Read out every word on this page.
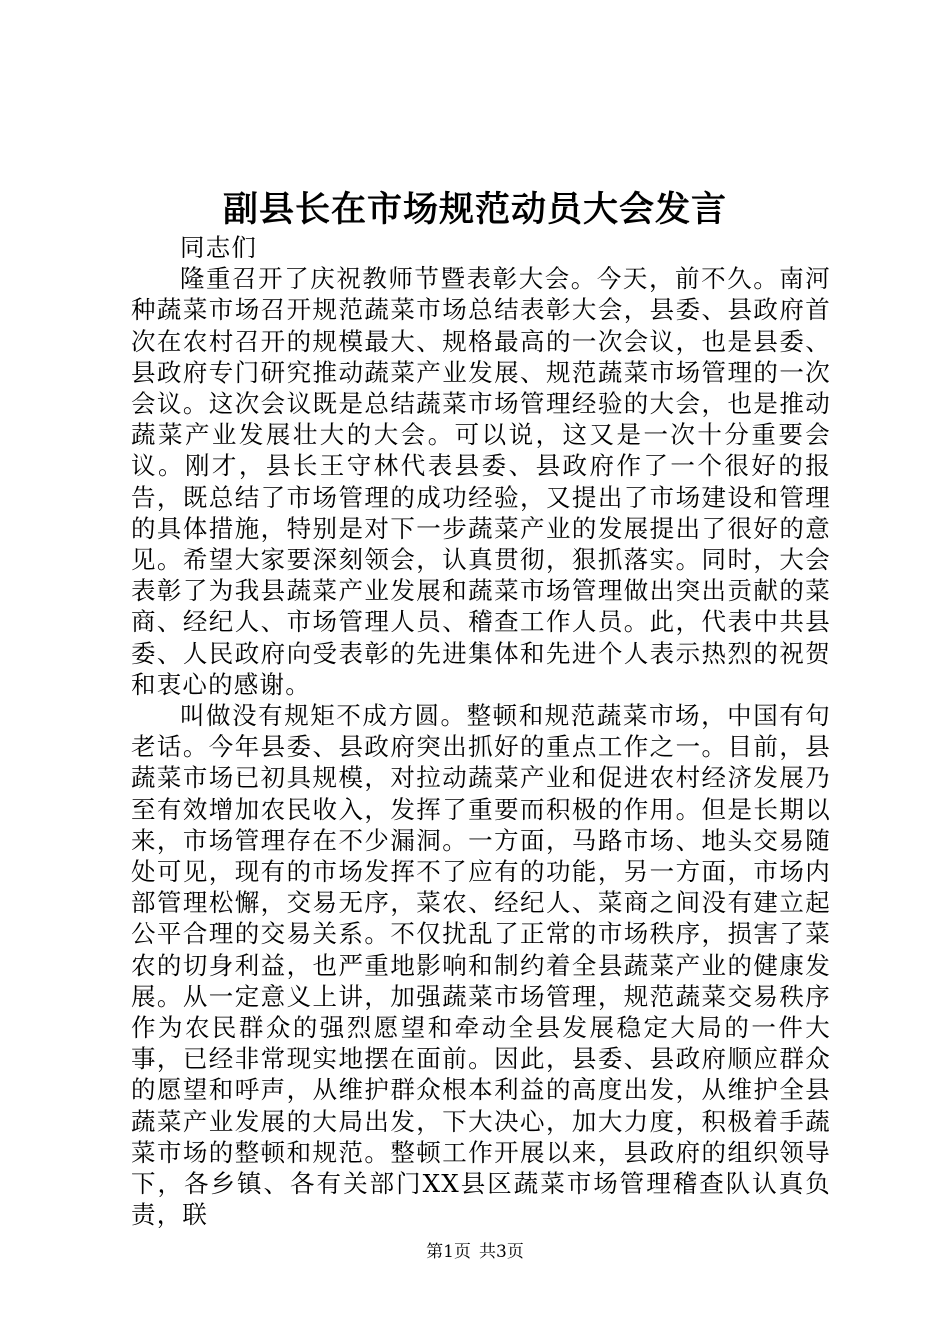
副县长在市场规范动员大会发言

同志们

隆重召开了庆祝教师节暨表彰大会。今天，前不久。南河种蔬菜市场召开规范蔬菜市场总结表彰大会，县委、县政府首次在农村召开的规模最大、规格最高的一次会议，也是县委、县政府专门研究推动蔬菜产业发展、规范蔬菜市场管理的一次会议。这次会议既是总结蔬菜市场管理经验的大会，也是推动蔬菜产业发展壮大的大会。可以说，这又是一次十分重要会议。刚才，县长王守林代表县委、县政府作了一个很好的报告，既总结了市场管理的成功经验，又提出了市场建设和管理的具体措施，特别是对下一步蔬菜产业的发展提出了很好的意见。希望大家要深刻领会，认真贯彻，狠抓落实。同时，大会表彰了为我县蔬菜产业发展和蔬菜市场管理做出突出贡献的菜商、经纪人、市场管理人员、稽查工作人员。此，代表中共县委、人民政府向受表彰的先进集体和先进个人表示热烈的祝贺和衷心的感谢。

叫做没有规矩不成方圆。整顿和规范蔬菜市场，中国有句老话。今年县委、县政府突出抓好的重点工作之一。目前，县蔬菜市场已初具规模，对拉动蔬菜产业和促进农村经济发展乃至有效增加农民收入，发挥了重要而积极的作用。但是长期以来，市场管理存在不少漏洞。一方面，马路市场、地头交易随处可见，现有的市场发挥不了应有的功能，另一方面，市场内部管理松懈，交易无序，菜农、经纪人、菜商之间没有建立起公平合理的交易关系。不仅扰乱了正常的市场秩序，损害了菜农的切身利益，也严重地影响和制约着全县蔬菜产业的健康发展。从一定意义上讲，加强蔬菜市场管理，规范蔬菜交易秩序作为农民群众的强烈愿望和牵动全县发展稳定大局的一件大事，已经非常现实地摆在面前。因此，县委、县政府顺应群众的愿望和呼声，从维护群众根本利益的高度出发，从维护全县蔬菜产业发展的大局出发，下大决心，加大力度，积极着手蔬菜市场的整顿和规范。整顿工作开展以来，县政府的组织领导下，各乡镇、各有关部门XX县区蔬菜市场管理稽查队认真负责，联

第1页 共3页
